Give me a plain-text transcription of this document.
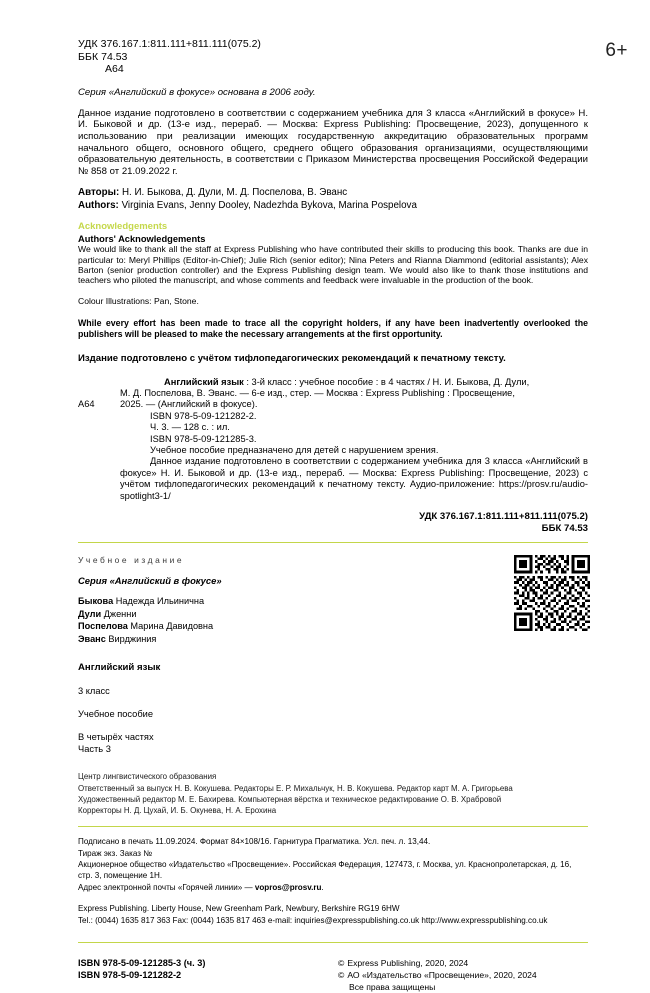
6+
УДК 376.167.1:811.111+811.111(075.2)
ББК 74.53
А64
Серия «Английский в фокусе» основана в 2006 году.
Данное издание подготовлено в соответствии с содержанием учебника для 3 класса «Английский в фокусе» Н. И. Быковой и др. (13-е изд., перераб. — Москва: Express Publishing: Просвещение, 2023), допущенного к использованию при реализации имеющих государственную аккредитацию образовательных программ начального общего, основного общего, среднего общего образования организациями, осуществляющими образовательную деятельность, в соответствии с Приказом Министерства просвещения Российской Федерации № 858 от 21.09.2022 г.
Авторы: Н. И. Быкова, Д. Дули, М. Д. Поспелова, В. Эванс
Authors: Virginia Evans, Jenny Dooley, Nadezhda Bykova, Marina Pospelova
Acknowledgements
Authors' Acknowledgements
We would like to thank all the staff at Express Publishing who have contributed their skills to producing this book. Thanks are due in particular to: Meryl Phillips (Editor-in-Chief); Julie Rich (senior editor); Nina Peters and Rianna Diammond (editorial assistants); Alex Barton (senior production controller) and the Express Publishing design team. We would also like to thank those institutions and teachers who piloted the manuscript, and whose comments and feedback were invaluable in the production of the book.
Colour Illustrations: Pan, Stone.
While every effort has been made to trace all the copyright holders, if any have been inadvertently overlooked the publishers will be pleased to make the necessary arrangements at the first opportunity.
Издание подготовлено с учётом тифлопедагогических рекомендаций к печатному тексту.
А64
Английский язык : 3-й класс : учебное пособие : в 4 частях / Н. И. Быкова, Д. Дули,
М. Д. Поспелова, В. Эванс. — 6-е изд., стер. — Москва : Express Publishing : Просвещение,
2025. — (Английский в фокусе).
ISBN 978-5-09-121282-2.
Ч. 3. — 128 с. : ил.
ISBN 978-5-09-121285-3.
Учебное пособие предназначено для детей с нарушением зрения.
Данное издание подготовлено в соответствии с содержанием учебника для 3 класса «Английский в фокусе» Н. И. Быковой и др. (13-е изд., перераб. — Москва: Express Publishing: Просвещение, 2023) с учётом тифлопедагогических рекомендаций к печатному тексту. Аудио-приложение: https://prosv.ru/audio-spotlight3-1/
УДК 376.167.1:811.111+811.111(075.2)
ББК 74.53
Учебное издание
Серия «Английский в фокусе»
Быкова Надежда Ильинична
Дули Дженни
Поспелова Марина Давидовна
Эванс Вирджиния
Английский язык
3 класс
Учебное пособие
В четырёх частях
Часть 3
Центр лингвистического образования
Ответственный за выпуск Н. В. Кокушева. Редакторы Е. Р. Михальчук, Н. В. Кокушева. Редактор карт М. А. Григорьева
Художественный редактор М. Е. Бахирева. Компьютерная вёрстка и техническое редактирование О. В. Храбровой
Корректоры Н. Д. Цухай, И. Б. Окунева, Н. А. Ерохина
Подписано в печать 11.09.2024. Формат 84×108/16. Гарнитура Прагматика. Усл. печ. л. 13,44.
Тираж экз. Заказ №
Акционерное общество «Издательство «Просвещение». Российская Федерация, 127473, г. Москва, ул. Краснопролетарская, д. 16,
стр. 3, помещение 1Н.
Адрес электронной почты «Горячей линии» — vopros@prosv.ru.
Express Publishing. Liberty House, New Greenham Park, Newbury, Berkshire RG19 6HW
Tel.: (0044) 1635 817 363 Fax: (0044) 1635 817 463 e-mail: inquiries@expresspublishing.co.uk http://www.expresspublishing.co.uk
ISBN 978-5-09-121285-3 (ч. 3)
ISBN 978-5-09-121282-2
© Express Publishing, 2020, 2024
© АО «Издательство «Просвещение», 2020, 2024
Все права защищены
